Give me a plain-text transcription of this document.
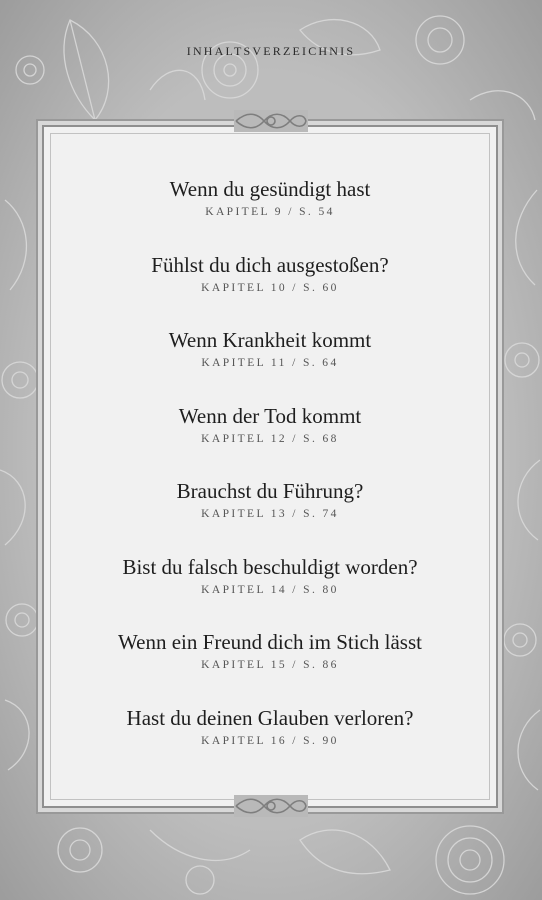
INHALTSVERZEICHNIS
Wenn du gesündigt hast
KAPITEL 9 / S. 54
Fühlst du dich ausgestoßen?
KAPITEL 10 / S. 60
Wenn Krankheit kommt
KAPITEL 11 / S. 64
Wenn der Tod kommt
KAPITEL 12 / S. 68
Brauchst du Führung?
KAPITEL 13 / S. 74
Bist du falsch beschuldigt worden?
KAPITEL 14 / S. 80
Wenn ein Freund dich im Stich lässt
KAPITEL 15 / S. 86
Hast du deinen Glauben verloren?
KAPITEL 16 / S. 90
